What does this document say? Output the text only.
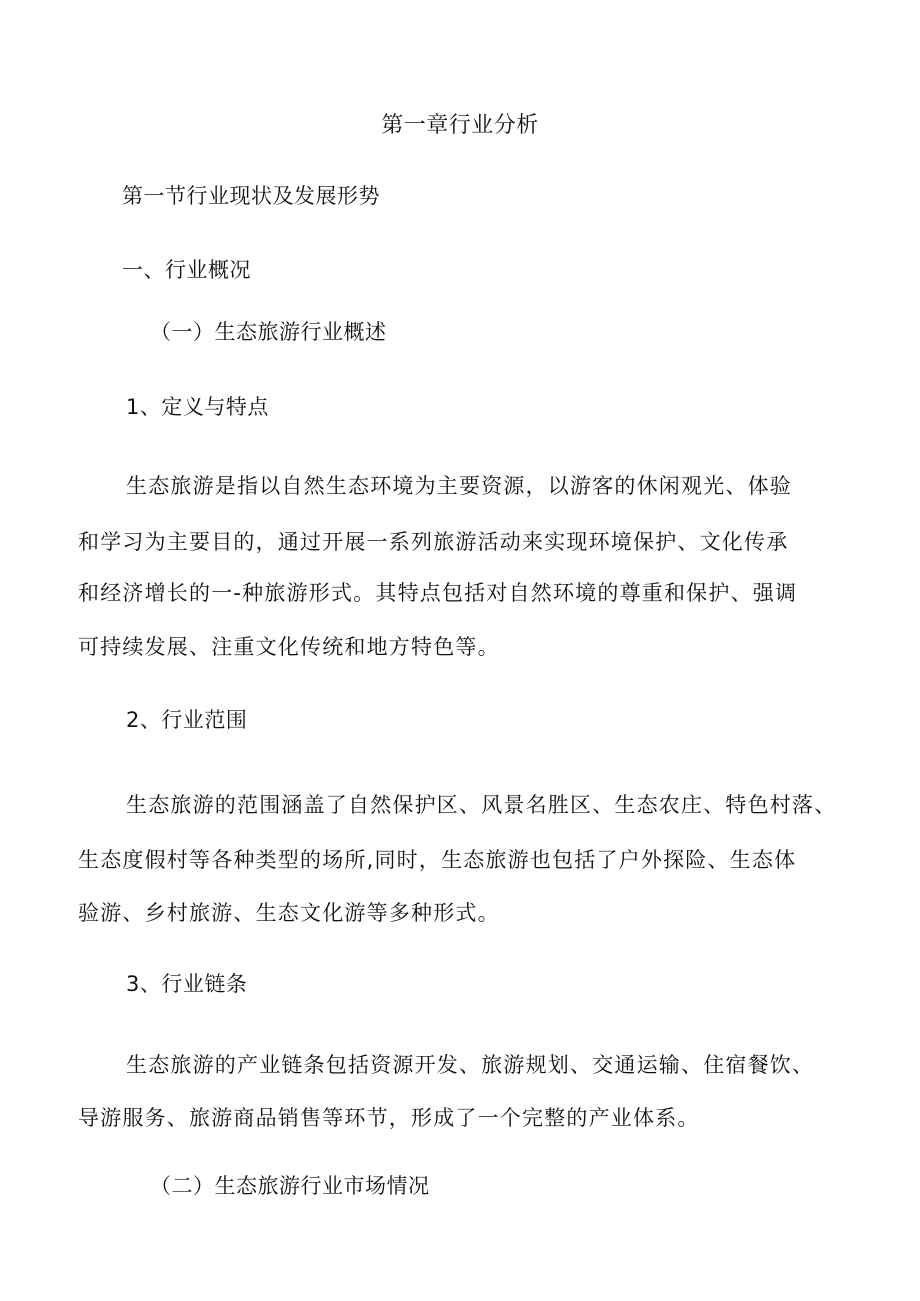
第一章行业分析
第一节行业现状及发展形势
一、行业概况
（一）生态旅游行业概述
1、定义与特点
生态旅游是指以自然生态环境为主要资源，以游客的休闲观光、体验
和学习为主要目的，通过开展一系列旅游活动来实现环境保护、文化传承
和经济增长的一-种旅游形式。其特点包括对自然环境的尊重和保护、强调
可持续发展、注重文化传统和地方特色等。
2、行业范围
生态旅游的范围涵盖了自然保护区、风景名胜区、生态农庄、特色村落、
生态度假村等各种类型的场所,同时，生态旅游也包括了户外探险、生态体
验游、乡村旅游、生态文化游等多种形式。
3、行业链条
生态旅游的产业链条包括资源开发、旅游规划、交通运输、住宿餐饮、
导游服务、旅游商品销售等环节，形成了一个完整的产业体系。
（二）生态旅游行业市场情况
